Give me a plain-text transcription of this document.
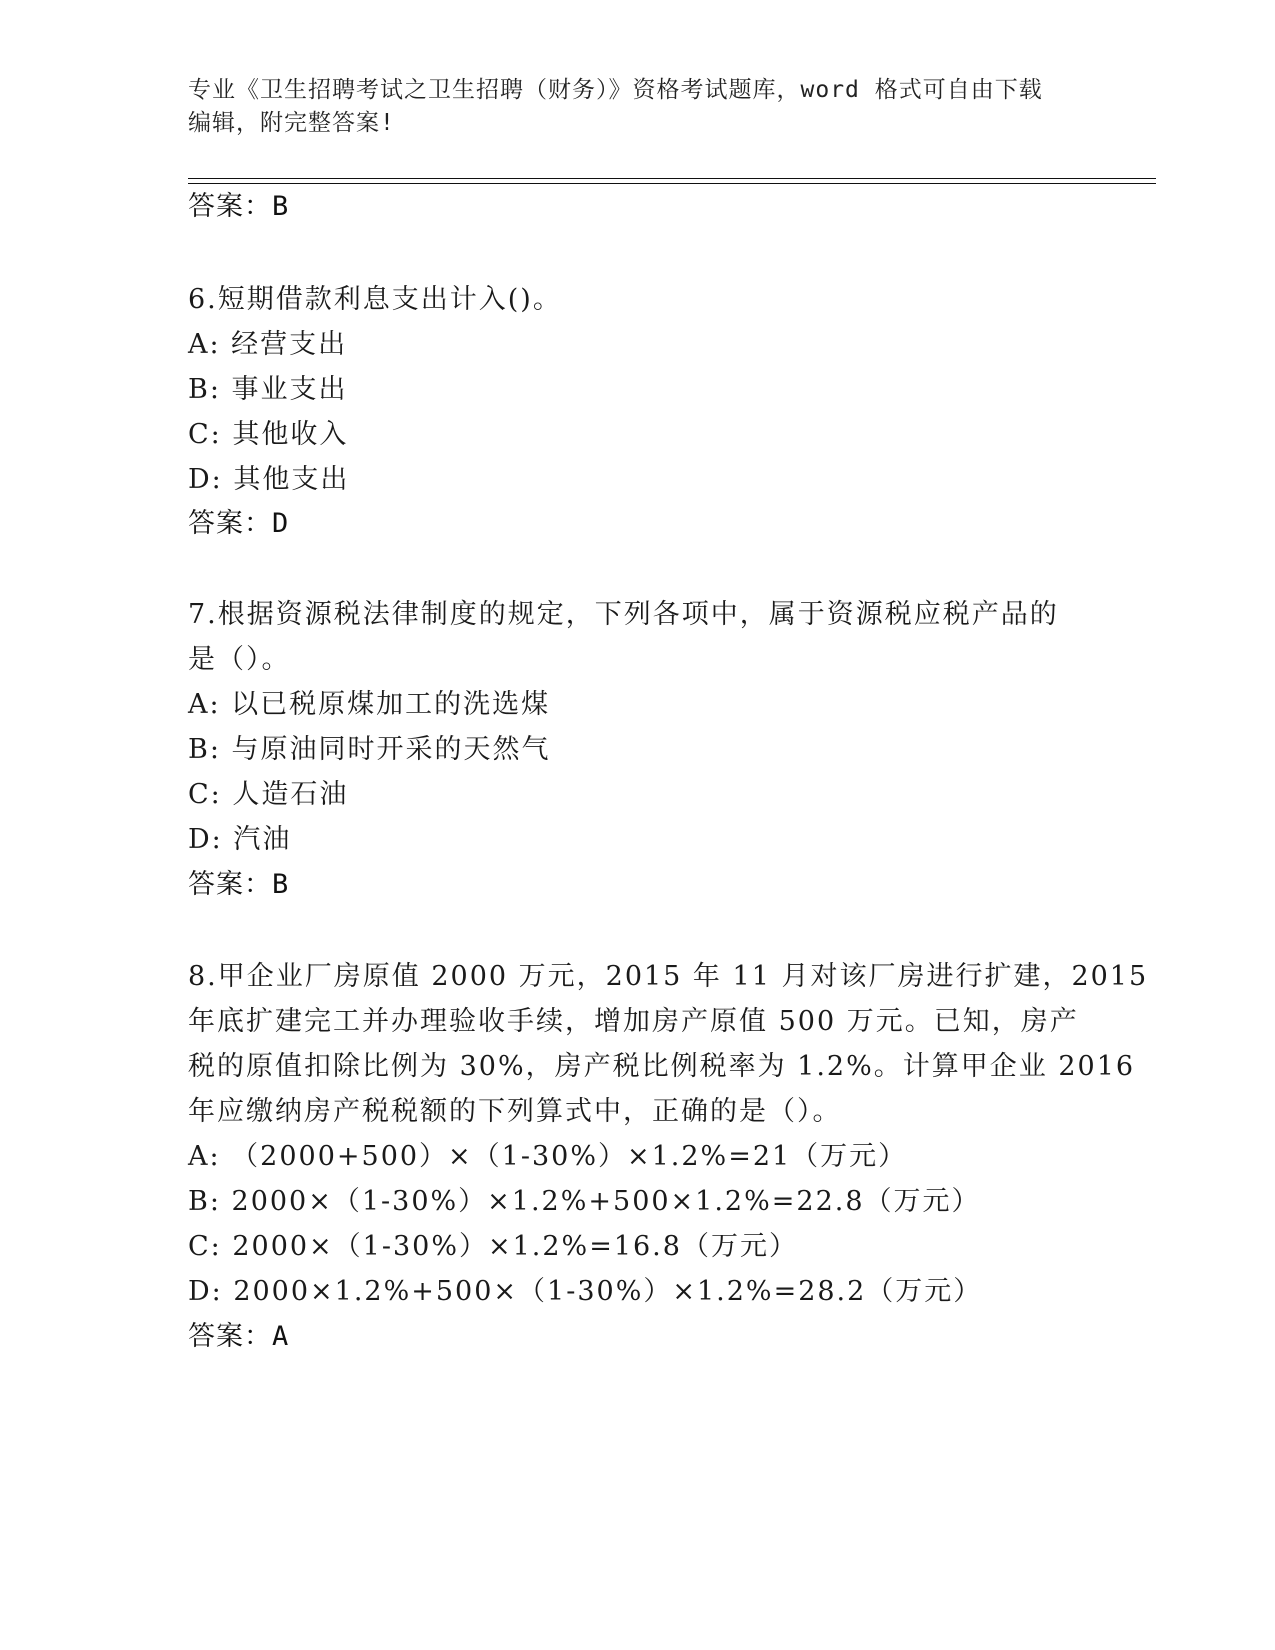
专业《卫生招聘考试之卫生招聘（财务）》资格考试题库，word 格式可自由下载
编辑，附完整答案!
答案：B
6.短期借款利息支出计入()。
A: 经营支出
B: 事业支出
C: 其他收入
D: 其他支出
答案：D
7.根据资源税法律制度的规定，下列各项中，属于资源税应税产品的
是（）。
A: 以已税原煤加工的洗选煤
B: 与原油同时开采的天然气
C: 人造石油
D: 汽油
答案：B
8.甲企业厂房原值 2000 万元，2015 年 11 月对该厂房进行扩建，2015
年底扩建完工并办理验收手续，增加房产原值 500 万元。已知，房产
税的原值扣除比例为 30%，房产税比例税率为 1.2%。计算甲企业 2016
年应缴纳房产税税额的下列算式中，正确的是（）。
A: （2000+500）×（1-30%）×1.2%=21（万元）
B: 2000×（1-30%）×1.2%+500×1.2%=22.8（万元）
C: 2000×（1-30%）×1.2%=16.8（万元）
D: 2000×1.2%+500×（1-30%）×1.2%=28.2（万元）
答案：A
